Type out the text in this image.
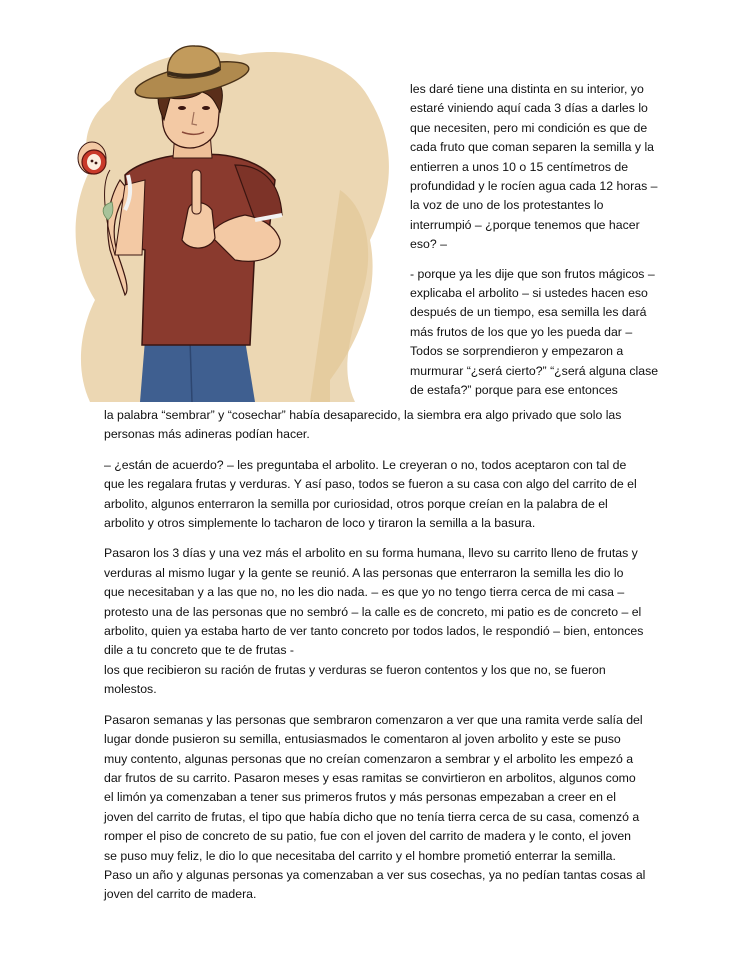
les daré tiene una distinta en su interior, yo estaré viniendo aquí cada 3 días a darles lo que necesiten, pero mi condición es que de cada fruto que coman separen la semilla y la entierren a unos 10 o 15 centímetros de profundidad y le rocíen agua cada 12 horas – la voz de uno de los protestantes lo interrumpió – ¿porque tenemos que hacer eso? –

- porque ya les dije que son frutos mágicos – explicaba el arbolito – si ustedes hacen eso después de un tiempo, esa semilla les dará más frutos de los que yo les pueda dar – Todos se sorprendieron y empezaron a murmurar “¿será cierto?” “¿será alguna clase de estafa?” porque para ese entonces

la palabra “sembrar” y “cosechar” había desaparecido, la siembra era algo privado que solo las personas más adineras podían hacer.

– ¿están de acuerdo? – les preguntaba el arbolito. Le creyeran o no, todos aceptaron con tal de que les regalara frutas y verduras. Y así paso, todos se fueron a su casa con algo del carrito de el arbolito, algunos enterraron la semilla por curiosidad, otros porque creían en la palabra de el arbolito y otros simplemente lo tacharon de loco y tiraron la semilla a la basura.

Pasaron los 3 días y una vez más el arbolito en su forma humana, llevo su carrito lleno de frutas y verduras al mismo lugar y la gente se reunió. A las personas que enterraron la semilla les dio lo que necesitaban y a las que no, no les dio nada. – es que yo no tengo tierra cerca de mi casa – protesto una de las personas que no sembró – la calle es de concreto, mi patio es de concreto – el arbolito, quien ya estaba harto de ver tanto concreto por todos lados, le respondió – bien, entonces dile a tu concreto que te de frutas -

los que recibieron su ración de frutas y verduras se fueron contentos y los que no, se fueron molestos.

Pasaron semanas y las personas que sembraron comenzaron a ver que una ramita verde salía del lugar donde pusieron su semilla, entusiasmados le comentaron al joven arbolito y este se puso muy contento, algunas personas que no creían comenzaron a sembrar y el arbolito les empezó a dar frutos de su carrito. Pasaron meses y esas ramitas se convirtieron en arbolitos, algunos como el limón ya comenzaban a tener sus primeros frutos y más personas empezaban a creer en el joven del carrito de frutas, el tipo que había dicho que no tenía tierra cerca de su casa, comenzó a romper el piso de concreto de su patio, fue con el joven del carrito de madera y le conto, el joven se puso muy feliz, le dio lo que necesitaba del carrito y el hombre prometió enterrar la semilla. Paso un año y algunas personas ya comenzaban a ver sus cosechas, ya no pedían tantas cosas al joven del carrito de madera.
